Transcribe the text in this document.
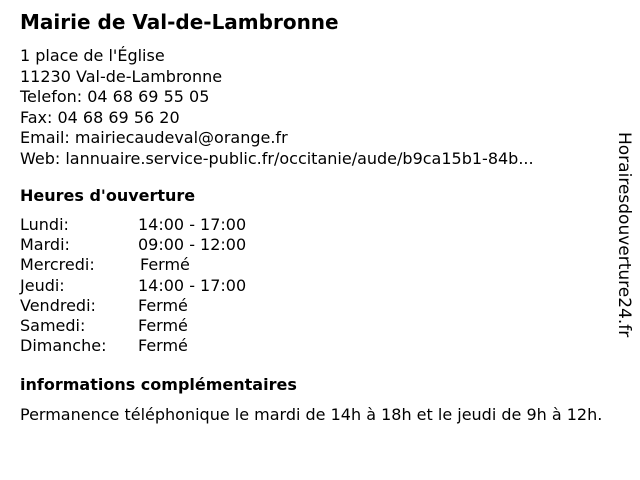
Mairie de Val-de-Lambronne
1 place de l'Église
11230 Val-de-Lambronne
Telefon: 04 68 69 55 05
Fax: 04 68 69 56 20
Email: mairiecaudeval@orange.fr
Web: lannuaire.service-public.fr/occitanie/aude/b9ca15b1-84b...
Heures d'ouverture
Lundi:	14:00 - 17:00
Mardi:	09:00 - 12:00
Mercredi:	Fermé
Jeudi:	14:00 - 17:00
Vendredi:	Fermé
Samedi:	Fermé
Dimanche:	Fermé
informations complémentaires
Permanence téléphonique le mardi de 14h à 18h et le jeudi de 9h à 12h.
Horairesdouverture24.fr
